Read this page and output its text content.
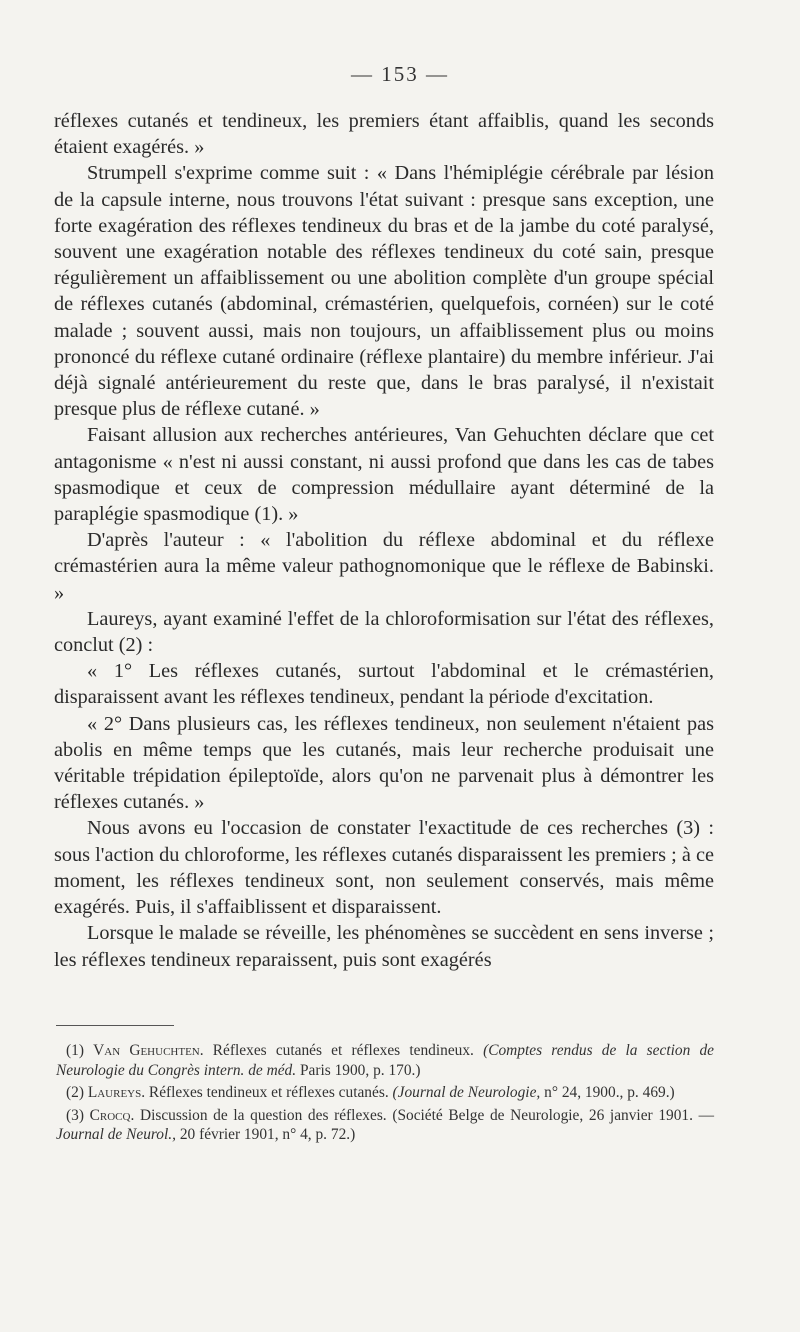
— 153 —

réflexes cutanés et tendineux, les premiers étant affaiblis, quand les seconds étaient exagérés. »

Strumpell s'exprime comme suit : « Dans l'hémiplégie cérébrale par lésion de la capsule interne, nous trouvons l'état suivant : presque sans exception, une forte exagération des réflexes tendineux du bras et de la jambe du coté paralysé, souvent une exagération notable des réflexes tendineux du coté sain, presque régulièrement un affaiblissement ou une abolition complète d'un groupe spécial de réflexes cutanés (abdominal, crémastérien, quelquefois, cornéen) sur le coté malade ; souvent aussi, mais non toujours, un affaiblissement plus ou moins prononcé du réflexe cutané ordinaire (réflexe plantaire) du membre inférieur. J'ai déjà signalé antérieurement du reste que, dans le bras paralysé, il n'existait presque plus de réflexe cutané. »

Faisant allusion aux recherches antérieures, Van Gehuchten déclare que cet antagonisme « n'est ni aussi constant, ni aussi profond que dans les cas de tabes spasmodique et ceux de compression médullaire ayant déterminé de la paraplégie spasmodique (1). »

D'après l'auteur : « l'abolition du réflexe abdominal et du réflexe crémastérien aura la même valeur pathognomonique que le réflexe de Babinski. »

Laureys, ayant examiné l'effet de la chloroformisation sur l'état des réflexes, conclut (2) :

« 1° Les réflexes cutanés, surtout l'abdominal et le crémastérien, disparaissent avant les réflexes tendineux, pendant la période d'excitation.

« 2° Dans plusieurs cas, les réflexes tendineux, non seulement n'étaient pas abolis en même temps que les cutanés, mais leur recherche produisait une véritable trépidation épileptoïde, alors qu'on ne parvenait plus à démontrer les réflexes cutanés. »

Nous avons eu l'occasion de constater l'exactitude de ces recherches (3) : sous l'action du chloroforme, les réflexes cutanés disparaissent les premiers ; à ce moment, les réflexes tendineux sont, non seulement conservés, mais même exagérés. Puis, il s'affaiblissent et disparaissent.

Lorsque le malade se réveille, les phénomènes se succèdent en sens inverse ; les réflexes tendineux reparaissent, puis sont exagérés

(1) Van Gehuchten. Réflexes cutanés et réflexes tendineux. (Comptes rendus de la section de Neurologie du Congrès intern. de méd. Paris 1900, p. 170.)

(2) Laureys. Réflexes tendineux et réflexes cutanés. (Journal de Neurologie, n° 24, 1900., p. 469.)

(3) Crocq. Discussion de la question des réflexes. (Société Belge de Neurologie, 26 janvier 1901. — Journal de Neurol., 20 février 1901, n° 4, p. 72.)
